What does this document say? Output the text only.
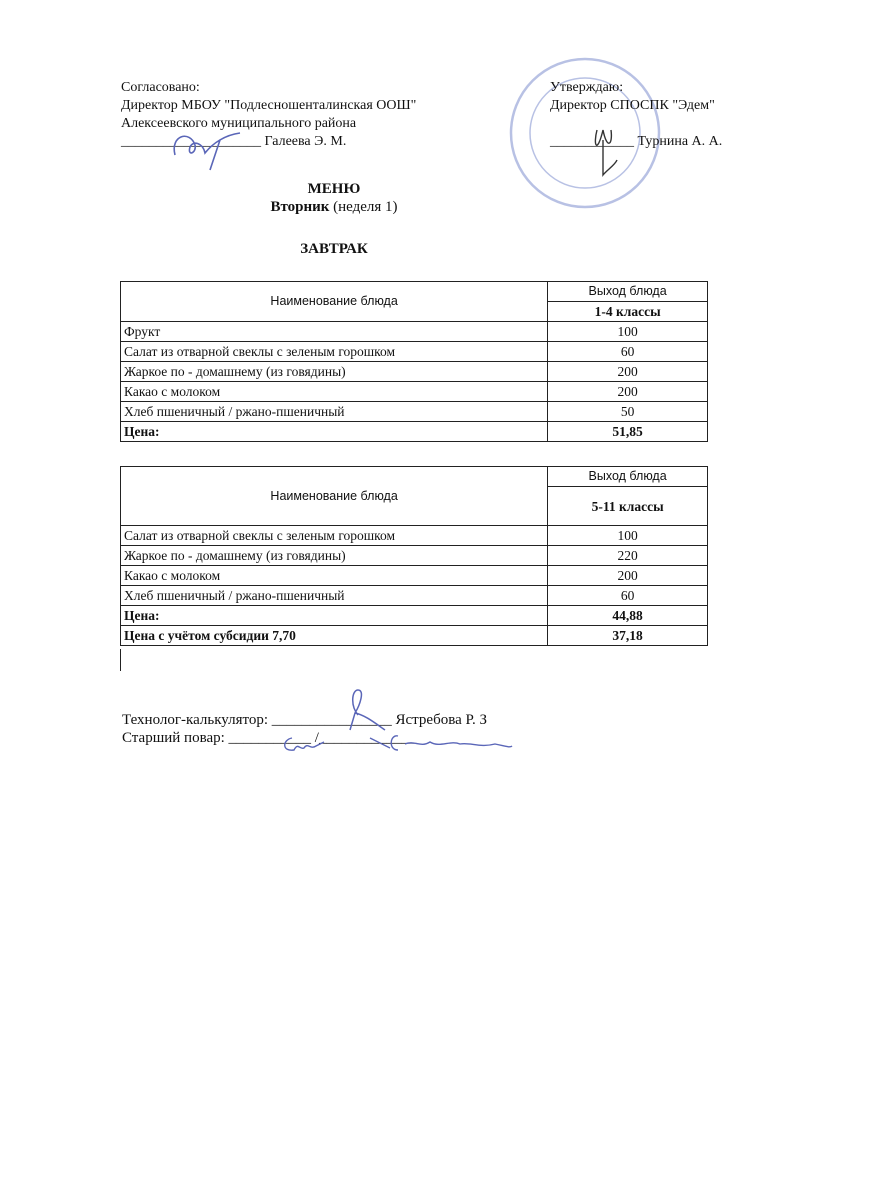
Согласовано:
Директор МБОУ "Подлесношенталинская ООШ"
Алексеевского муниципального района
____________________ Галеева Э. М.
Утверждаю:
Директор СПОСПК "Эдем"
____________ Турнина А. А.
МЕНЮ
Вторник (неделя 1)
ЗАВТРАК
Наименование блюда	Выход блюда
	1-4 классы
Фрукт	100
Салат из отварной свеклы с зеленым горошком	60
Жаркое по - домашнему (из говядины)	200
Какао с молоком	200
Хлеб пшеничный / ржано-пшеничный	50
Цена:	51,85
Наименование блюда	Выход блюда
	5-11 классы
Салат из отварной свеклы с зеленым горошком	100
Жаркое по - домашнему (из говядины)	220
Какао с молоком	200
Хлеб пшеничный / ржано-пшеничный	60
Цена:	44,88
Цена с учётом субсидии 7,70	37,18
Технолог-калькулятор: ________________ Ястребова Р. З
Старший повар: ___________ /_____________
